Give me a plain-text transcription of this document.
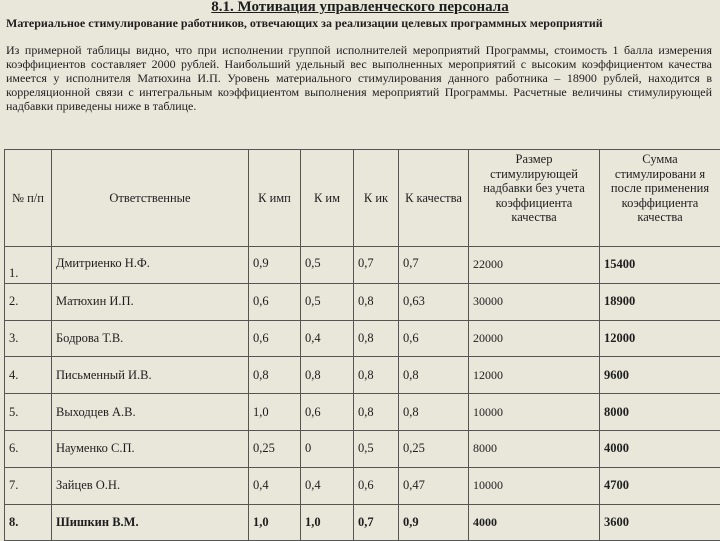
8.1. Мотивация управленческого персонала
Материальное стимулирование работников, отвечающих за реализации целевых программных мероприятий
Из примерной таблицы видно, что при исполнении группой исполнителей мероприятий Программы, стоимость 1 балла измерения коэффициентов составляет 2000 рублей. Наибольший удельный вес выполненных мероприятий с высоким коэффициентом качества имеется у исполнителя Матюхина И.П. Уровень материального стимулирования данного работника – 18900 рублей, находится в корреляционной связи с интегральным коэффициентом выполнения мероприятий Программы. Расчетные величины стимулирующей надбавки приведены ниже в таблице.
№ п/п	Ответственные	К имп	К им	К ик	К качества	Размер стимулирующей надбавки без учета коэффициента качества	Сумма стимулировани я после применения коэффициента качества
1.	Дмитриенко Н.Ф.	0,9	0,5	0,7	0,7	22000	15400
2.	Матюхин И.П.	0,6	0,5	0,8	0,63	30000	18900
3.	Бодрова Т.В.	0,6	0,4	0,8	0,6	20000	12000
4.	Письменный И.В.	0,8	0,8	0,8	0,8	12000	9600
5.	Выходцев А.В.	1,0	0,6	0,8	0,8	10000	8000
6.	Науменко С.П.	0,25	0	0,5	0,25	8000	4000
7.	Зайцев О.Н.	0,4	0,4	0,6	0,47	10000	4700
8.	Шишкин В.М.	1,0	1,0	0,7	0,9	4000	3600
